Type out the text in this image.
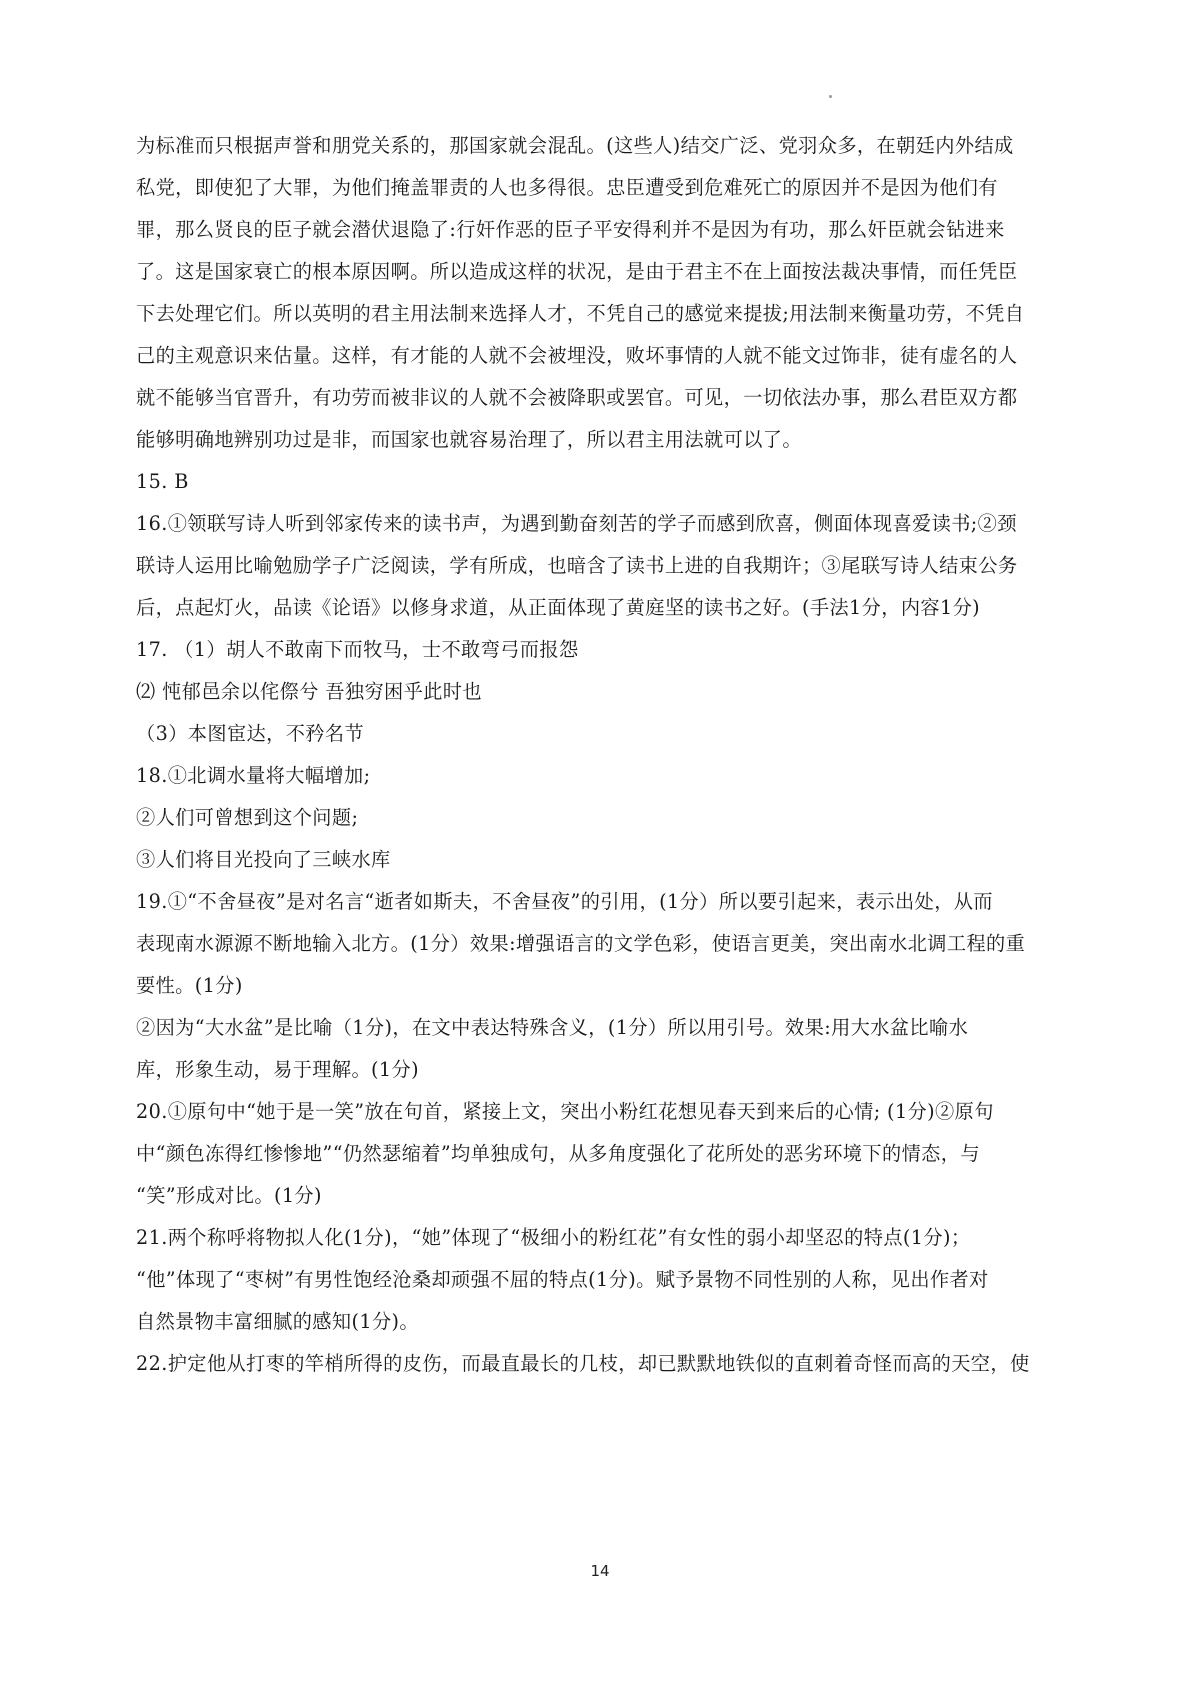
为标准而只根据声誉和朋党关系的，那国家就会混乱。(这些人)结交广泛、党羽众多，在朝廷内外结成
私党，即使犯了大罪，为他们掩盖罪责的人也多得很。忠臣遭受到危难死亡的原因并不是因为他们有
罪，那么贤良的臣子就会潜伏退隐了:行奸作恶的臣子平安得利并不是因为有功，那么奸臣就会钻进来
了。这是国家衰亡的根本原因啊。所以造成这样的状况，是由于君主不在上面按法裁决事情，而任凭臣
下去处理它们。所以英明的君主用法制来选择人才，不凭自己的感觉来提拔;用法制来衡量功劳，不凭自
己的主观意识来估量。这样，有才能的人就不会被埋没，败坏事情的人就不能文过饰非，徒有虚名的人
就不能够当官晋升，有功劳而被非议的人就不会被降职或罢官。可见，一切依法办事，那么君臣双方都
能够明确地辨别功过是非，而国家也就容易治理了，所以君主用法就可以了。
15. B
16.①领联写诗人听到邻家传来的读书声，为遇到勤奋刻苦的学子而感到欣喜，侧面体现喜爱读书;②颈
联诗人运用比喻勉励学子广泛阅读，学有所成，也暗含了读书上进的自我期许；③尾联写诗人结束公务
后，点起灯火，品读《论语》以修身求道，从正面体现了黄庭坚的读书之好。(手法1分，内容1分)
17. （1）胡人不敢南下而牧马，士不敢弯弓而报怨
⑵ 忳郁邑余以侘傺兮 吾独穷困乎此时也
（3）本图宦达，不矜名节
18.①北调水量将大幅增加;
②人们可曾想到这个问题;
③人们将目光投向了三峡水库
19.①“不舍昼夜”是对名言“逝者如斯夫，不舍昼夜”的引用，(1分）所以要引起来，表示出处，从而
表现南水源源不断地输入北方。(1分）效果:增强语言的文学色彩，使语言更美，突出南水北调工程的重
要性。(1分)
②因为“大水盆”是比喻（1分)，在文中表达特殊含义，(1分）所以用引号。效果:用大水盆比喻水
库，形象生动，易于理解。(1分)
20.①原句中“她于是一笑”放在句首，紧接上文，突出小粉红花想见春天到来后的心情; (1分)②原句
中“颜色冻得红惨惨地”“仍然瑟缩着”均单独成句，从多角度强化了花所处的恶劣环境下的情态，与
“笑”形成对比。(1分)
21.两个称呼将物拟人化(1分)，“她”体现了“极细小的粉红花”有女性的弱小却坚忍的特点(1分)；
“他”体现了“枣树”有男性饱经沧桑却顽强不屈的特点(1分)。赋予景物不同性别的人称，见出作者对
自然景物丰富细腻的感知(1分)。
22.护定他从打枣的竿梢所得的皮伤，而最直最长的几枝，却已默默地铁似的直刺着奇怪而高的天空，使
14
